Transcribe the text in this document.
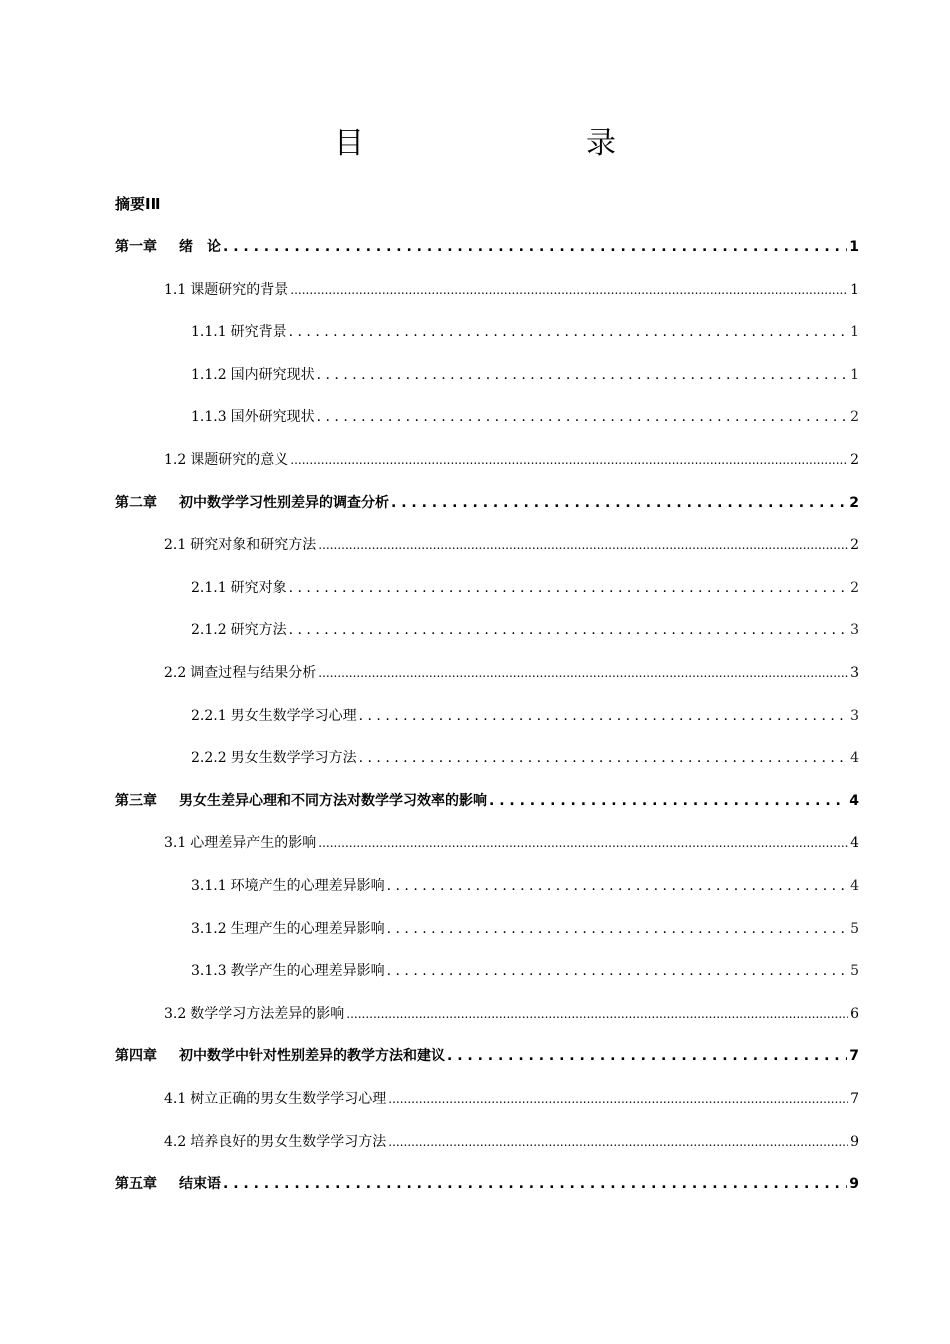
目　　录
摘要ⅠⅡ
第一章 绪　论 . . .	1
1.1 课题研究的背景 .....	1
1.1.1 研究背景 . . .	1
1.1.2 国内研究现状 . . .	1
1.1.3 国外研究现状 . . .	2
1.2 课题研究的意义 .....	2
第二章 初中数学学习性别差异的调查分析 . . .	2
2.1 研究对象和研究方法 .....	2
2.1.1 研究对象 . . .	2
2.1.2 研究方法 . . .	3
2.2 调查过程与结果分析 .....	3
2.2.1 男女生数学学习心理 . . .	3
2.2.2 男女生数学学习方法 . . .	4
第三章 男女生差异心理和不同方法对数学学习效率的影响 . . .	4
3.1 心理差异产生的影响 .....	4
3.1.1 环境产生的心理差异影响 . . .	4
3.1.2 生理产生的心理差异影响 . . .	5
3.1.3 教学产生的心理差异影响 . . .	5
3.2 数学学习方法差异的影响 .....	6
第四章 初中数学中针对性别差异的教学方法和建议 . . .	7
4.1 树立正确的男女生数学学习心理 .....	7
4.2 培养良好的男女生数学学习方法 .....	9
第五章 结束语 . . .	9
